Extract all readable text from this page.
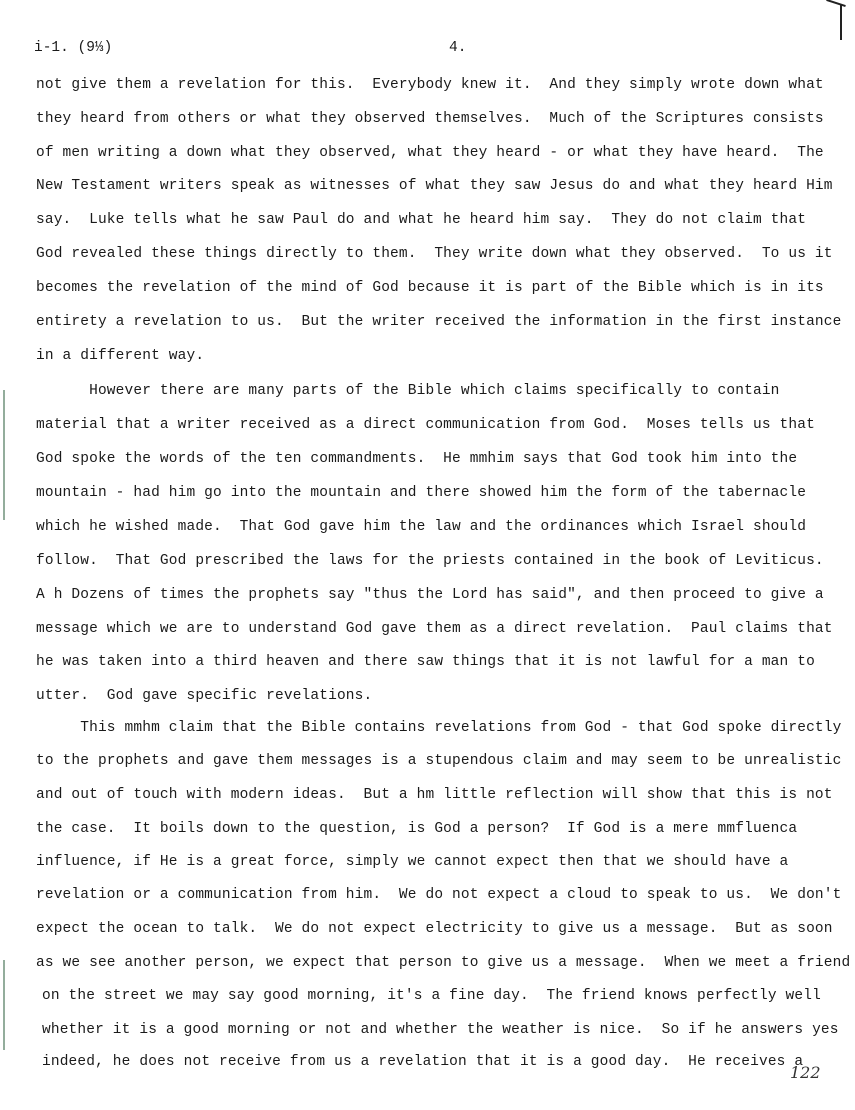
i-1. (9⅓)	4.
not give them a revelation for this.  Everybody knew it.  And they simply wrote down what
they heard from others or what they observed themselves.  Much of the Scriptures consists
of men writing a down what they observed, what they heard - or what they have heard.  The
New Testament writers speak as witnesses of what they saw Jesus do and what they heard Him
say.  Luke tells what he saw Paul do and what he heard him say.  They do not claim that
God revealed these things directly to them.  They write down what they observed.  To us it
becomes the revelation of the mind of God because it is part of the Bible which is in its
entirety a revelation to us.  But the writer received the information in the first instance
in a different way.
However there are many parts of the Bible which claims specifically to contain
material that a writer received as a direct communication from God.  Moses tells us that
God spoke the words of the ten commandments.  He mmhim says that God took him into the
mountain - had him go into the mountain and there showed him the form of the tabernacle
which he wished made.  That God gave him the law and the ordinances which Israel should
follow.  That God prescribed the laws for the priests contained in the book of Leviticus.
A h Dozens of times the prophets say "thus the Lord has said", and then proceed to give a
message which we are to understand God gave them as a direct revelation.  Paul claims that
he was taken into a third heaven and there saw things that it is not lawful for a man to
utter.  God gave specific revelations.
This mmhm claim that the Bible contains revelations from God - that God spoke directly
to the prophets and gave them messages is a stupendous claim and may seem to be unrealistic
and out of touch with modern ideas.  But a hm little reflection will show that this is not
the case.  It boils down to the question, is God a person?  If God is a mere mmfluenca
influence, if He is a great force, simply we cannot expect then that we should have a
revelation or a communication from him.  We do not expect a cloud to speak to us.  We don't
expect the ocean to talk.  We do not expect electricity to give us a message.  But as soon
as we see another person, we expect that person to give us a message.  When we meet a friend
on the street we may say good morning, it's a fine day.  The friend knows perfectly well
whether it is a good morning or not and whether the weather is nice.  So if he answers yes
indeed, he does not receive from us a revelation that it is a good day.  He receives a
122
